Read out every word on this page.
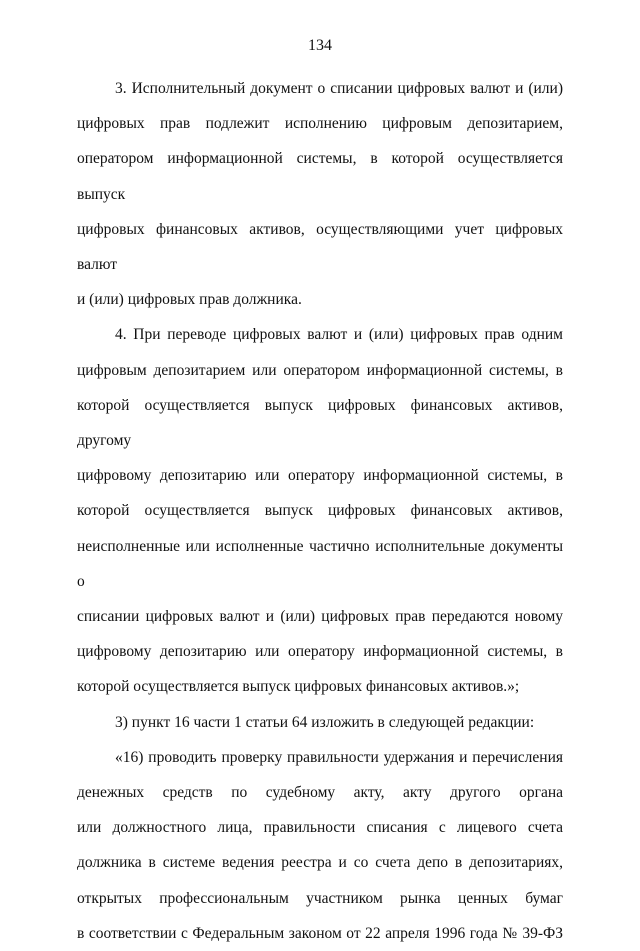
134

3. Исполнительный документ о списании цифровых валют и (или)
цифровых прав подлежит исполнению цифровым депозитарием,
оператором информационной системы, в которой осуществляется выпуск
цифровых финансовых активов, осуществляющими учет цифровых валют
и (или) цифровых прав должника.

4. При переводе цифровых валют и (или) цифровых прав одним
цифровым депозитарием или оператором информационной системы, в
которой осуществляется выпуск цифровых финансовых активов, другому
цифровому депозитарию или оператору информационной системы, в
которой осуществляется выпуск цифровых финансовых активов,
неисполненные или исполненные частично исполнительные документы о
списании цифровых валют и (или) цифровых прав передаются новому
цифровому депозитарию или оператору информационной системы, в
которой осуществляется выпуск цифровых финансовых активов.»;

3) пункт 16 части 1 статьи 64 изложить в следующей редакции:

«16) проводить проверку правильности удержания и перечисления
денежных средств по судебному акту, акту другого органа
или должностного лица, правильности списания с лицевого счета
должника в системе ведения реестра и со счета депо в депозитариях,
открытых профессиональным участником рынка ценных бумаг
в соответствии с Федеральным законом от 22 апреля 1996 года № 39-ФЗ
